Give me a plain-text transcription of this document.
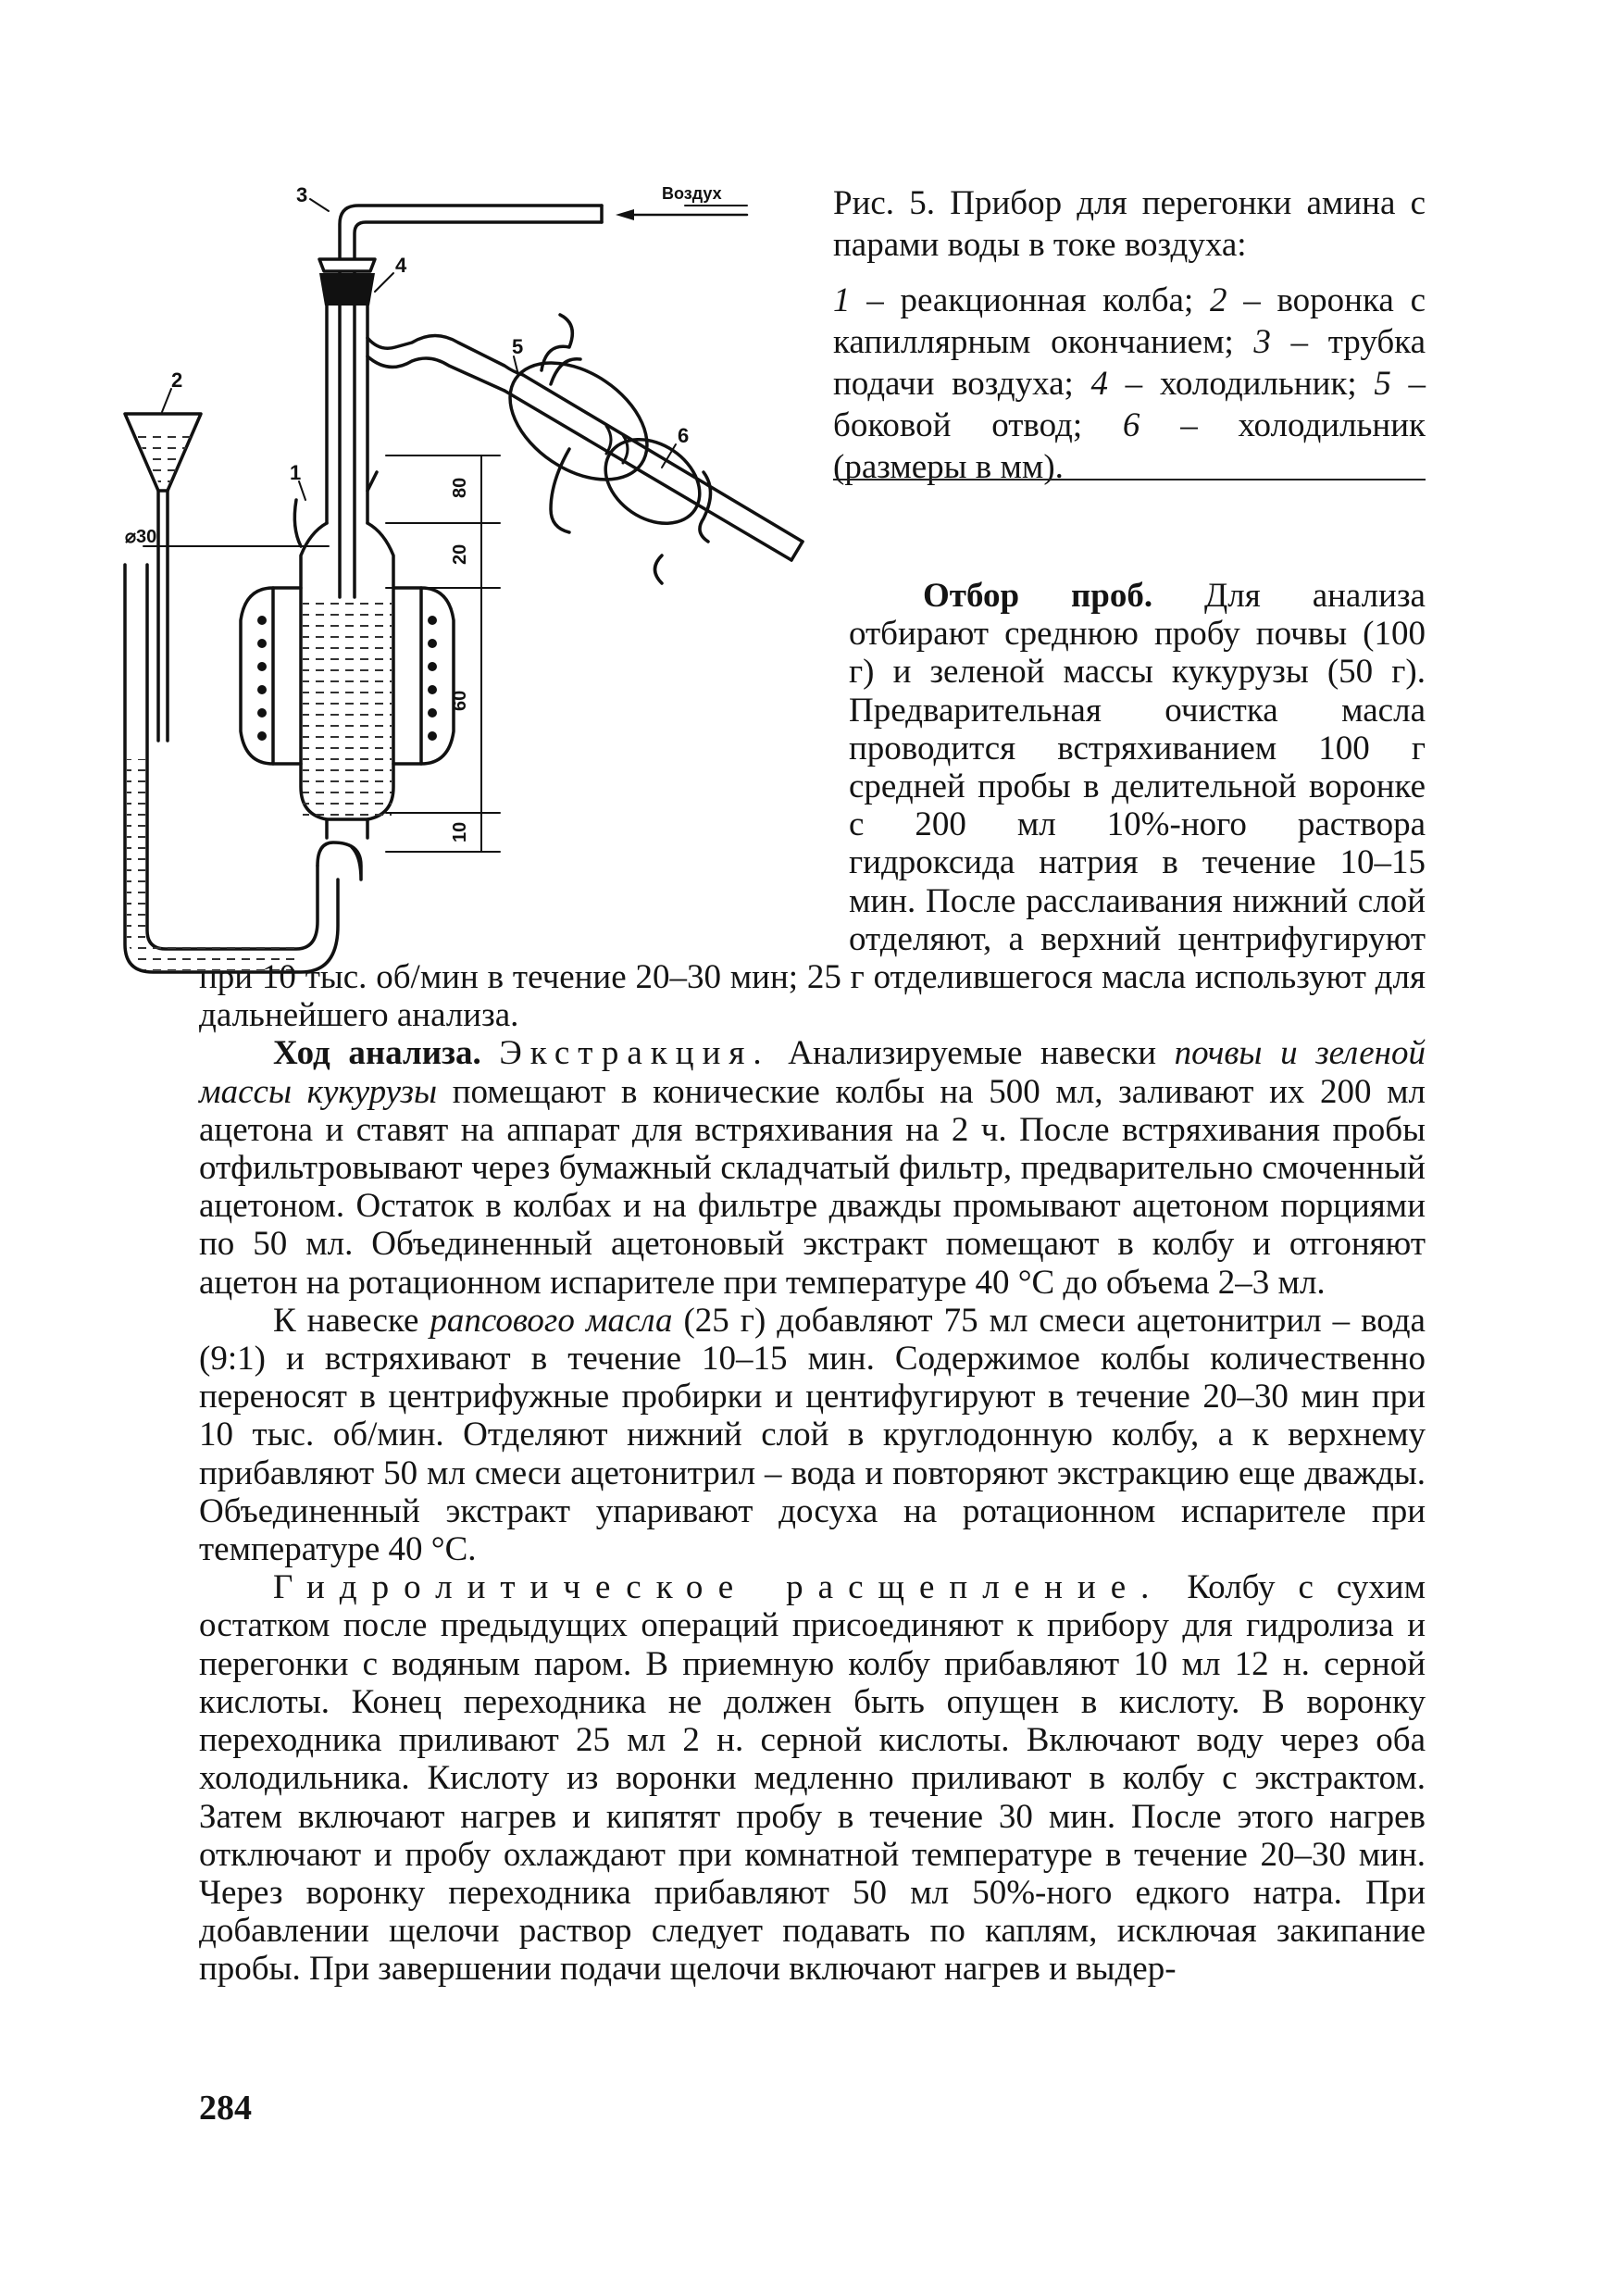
Воздух
3
2
4
5
6
1
80
20
60
10
⌀30

Рис. 5. Прибор для перегонки амина с парами воды в токе воздуха:

1 – реакционная колба; 2 – воронка с капиллярным окончанием; 3 – трубка подачи воздуха; 4 – холодильник; 5 – боковой отвод; 6 – холодильник (размеры в мм).

Отбор проб. Для анализа отбирают среднюю пробу почвы (100 г) и зеленой массы кукурузы (50 г). Предварительная очистка масла проводится встряхиванием 100 г средней пробы в делительной воронке с 200 мл 10%-ного раствора гидроксида натрия в течение 10–15 мин. После расслаивания нижний слой отделяют, а верхний центрифугируют при 10 тыс. об/мин в течение 20–30 мин; 25 г отделившегося масла используют для дальнейшего анализа.

Ход анализа. Экстракция. Анализируемые навески почвы и зеленой массы кукурузы помещают в конические колбы на 500 мл, заливают их 200 мл ацетона и ставят на аппарат для встряхивания на 2 ч. После встряхивания пробы отфильтровывают через бумажный складчатый фильтр, предварительно смоченный ацетоном. Остаток в колбах и на фильтре дважды промывают ацетоном порциями по 50 мл. Объединенный ацетоновый экстракт помещают в колбу и отгоняют ацетон на ротационном испарителе при температуре 40 °С до объема 2–3 мл.

К навеске рапсового масла (25 г) добавляют 75 мл смеси ацетонитрил – вода (9:1) и встряхивают в течение 10–15 мин. Содержимое колбы количественно переносят в центрифужные пробирки и центифугируют в течение 20–30 мин при 10 тыс. об/мин. Отделяют нижний слой в круглодонную колбу, а к верхнему прибавляют 50 мл смеси ацетонитрил – вода и повторяют экстракцию еще дважды. Объединенный экстракт упаривают досуха на ротационном испарителе при температуре 40 °С.

Гидролитическое расщепление. Колбу с сухим остатком после предыдущих операций присоединяют к прибору для гидролиза и перегонки с водяным паром. В приемную колбу прибавляют 10 мл 12 н. серной кислоты. Конец переходника не должен быть опущен в кислоту. В воронку переходника приливают 25 мл 2 н. серной кислоты. Включают воду через оба холодильника. Кислоту из воронки медленно приливают в колбу с экстрактом. Затем включают нагрев и кипятят пробу в течение 30 мин. После этого нагрев отключают и пробу охлаждают при комнатной температуре в течение 20–30 мин. Через воронку переходника прибавляют 50 мл 50%-ного едкого натра. При добавлении щелочи раствор следует подавать по каплям, исключая закипание пробы. При завершении подачи щелочи включают нагрев и выдер-

284
